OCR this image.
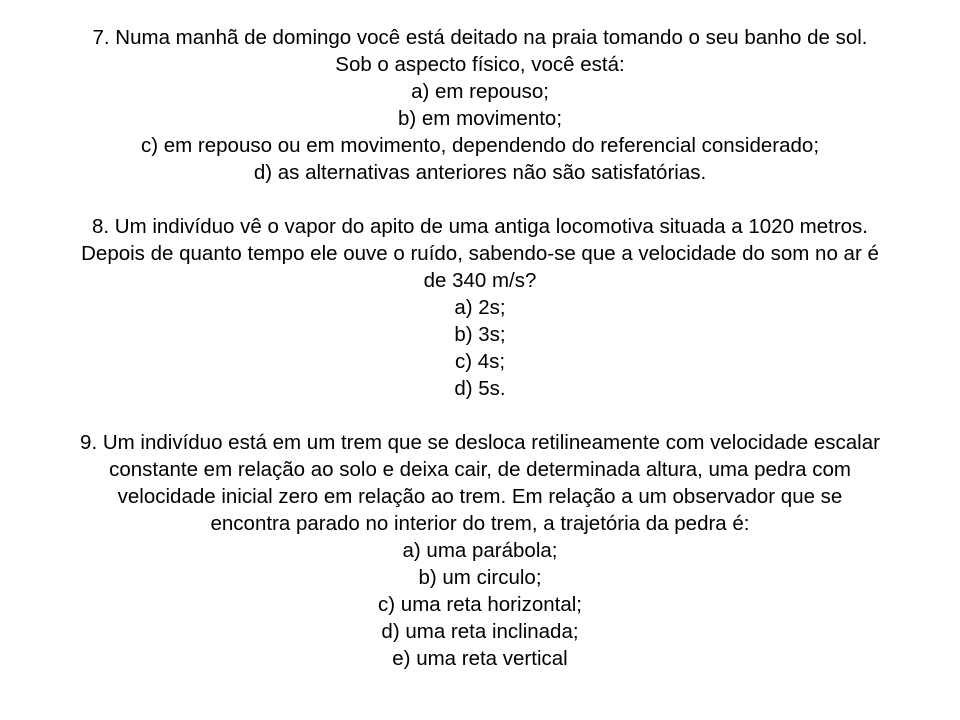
7. Numa manhã de domingo você está deitado na praia tomando o seu banho de sol.
Sob o aspecto físico, você está:
a) em repouso;
b) em movimento;
c) em repouso ou em movimento, dependendo do referencial considerado;
d) as alternativas anteriores não são satisfatórias.
8. Um indivíduo vê o vapor do apito de uma antiga locomotiva situada a 1020 metros.
Depois de quanto tempo ele ouve o ruído, sabendo-se que a velocidade do som no ar é
de 340 m/s?
a) 2s;
b) 3s;
c) 4s;
d) 5s.
9. Um indivíduo está em um trem que se desloca retilineamente com velocidade escalar
constante em relação ao solo e deixa cair, de determinada altura, uma pedra com
velocidade inicial zero em relação ao trem. Em relação a um observador que se
encontra parado no interior do trem, a trajetória da pedra é:
a) uma parábola;
b) um circulo;
c) uma reta horizontal;
d) uma reta inclinada;
e) uma reta vertical
